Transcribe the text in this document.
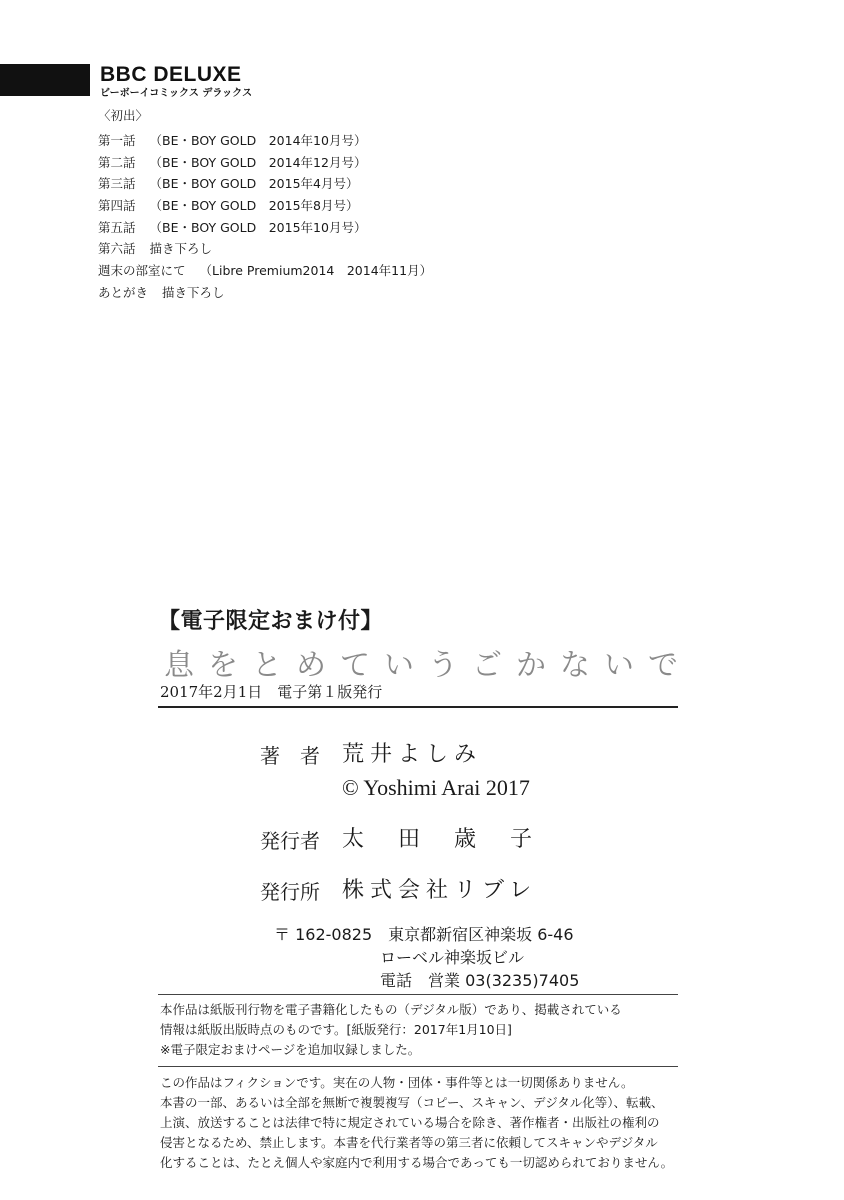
BBC DELUXE
ビーボーイコミックス デラックス
〈初出〉
第一話 （BE・BOY GOLD　2014年10月号）
第二話 （BE・BOY GOLD　2014年12月号）
第三話 （BE・BOY GOLD　2015年4月号）
第四話 （BE・BOY GOLD　2015年8月号）
第五話 （BE・BOY GOLD　2015年10月号）
第六話 描き下ろし
週末の部室にて （Libre Premium2014　2014年11月）
あとがき 描き下ろし
【電子限定おまけ付】
息をとめていうごかないで
2017年2月1日　電子第１版発行
著　者 荒井よしみ
© Yoshimi Arai 2017
発行者 太　田　歳　子
発行所 株式会社リブレ
〒 162-0825　東京都新宿区神楽坂 6-46
ローベル神楽坂ビル
電話　営業 03(3235)7405
本作品は紙版刊行物を電子書籍化したもの（デジタル版）であり、掲載されている
情報は紙版出版時点のものです。[紙版発行：2017年1月10日]
※電子限定おまけページを追加収録しました。
この作品はフィクションです。実在の人物・団体・事件等とは一切関係ありません。
本書の一部、あるいは全部を無断で複製複写（コピー、スキャン、デジタル化等）、転載、
上演、放送することは法律で特に規定されている場合を除き、著作権者・出版社の権利の
侵害となるため、禁止します。本書を代行業者等の第三者に依頼してスキャンやデジタル
化することは、たとえ個人や家庭内で利用する場合であっても一切認められておりません。
